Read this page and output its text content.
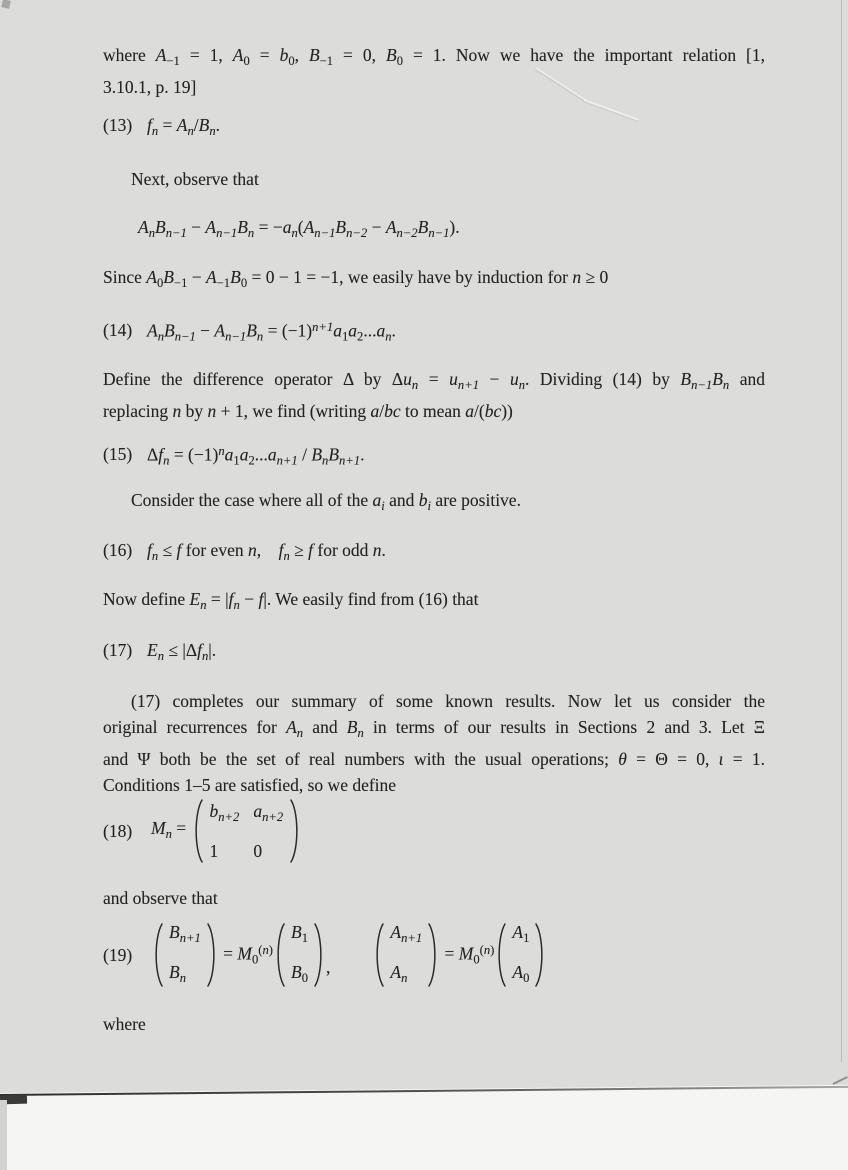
where $A_{-1} = 1$, $A_0 = b_0$, $B_{-1} = 0$, $B_0 = 1$. Now we have the important relation [1,
3.10.1, p. 19]
(13) $f_n = A_n/B_n$.
Next, observe that
$A_nB_{n-1} - A_{n-1}B_n = -a_n(A_{n-1}B_{n-2} - A_{n-2}B_{n-1})$.
Since $A_0B_{-1} - A_{-1}B_0 = 0 - 1 = -1$, we easily have by induction for n ≥ 0
(14) $A_nB_{n-1} - A_{n-1}B_n = (-1)^{n+1}a_1a_2...a_n$.
Define the difference operator Δ by $\Delta u_n = u_{n+1} - u_n$. Dividing (14) by $B_{n-1}B_n$ and
replacing n by n + 1, we find (writing a/bc to mean a/(bc))
(15) $\Delta f_n = (-1)^na_1a_2...a_{n+1} / B_nB_{n+1}$.
Consider the case where all of the $a_i$ and $b_i$ are positive.
(16) $f_n \le f$ for even n,    $f_n \ge f$ for odd n.
Now define $E_n = |f_n - f|$. We easily find from (16) that
(17) $E_n \le |\Delta f_n|$.
(17) completes our summary of some known results. Now let us consider the
original recurrences for $A_n$ and $B_n$ in terms of our results in Sections 2 and 3. Let Ξ
and Ψ both be the set of real numbers with the usual operations; θ = Θ = 0, ι = 1.
Conditions 1–5 are satisfied, so we define
(18)	$M_n$ =
$b_{n+2}$ $a_{n+2}$
1 0
and observe that
(19)
$B_{n+1}$
$B_n$
= $M_0^{(n)}$
$B_1$
$B_0$
,
$A_{n+1}$
$A_n$
= $M_0^{(n)}$
$A_1$
$A_0$
where
